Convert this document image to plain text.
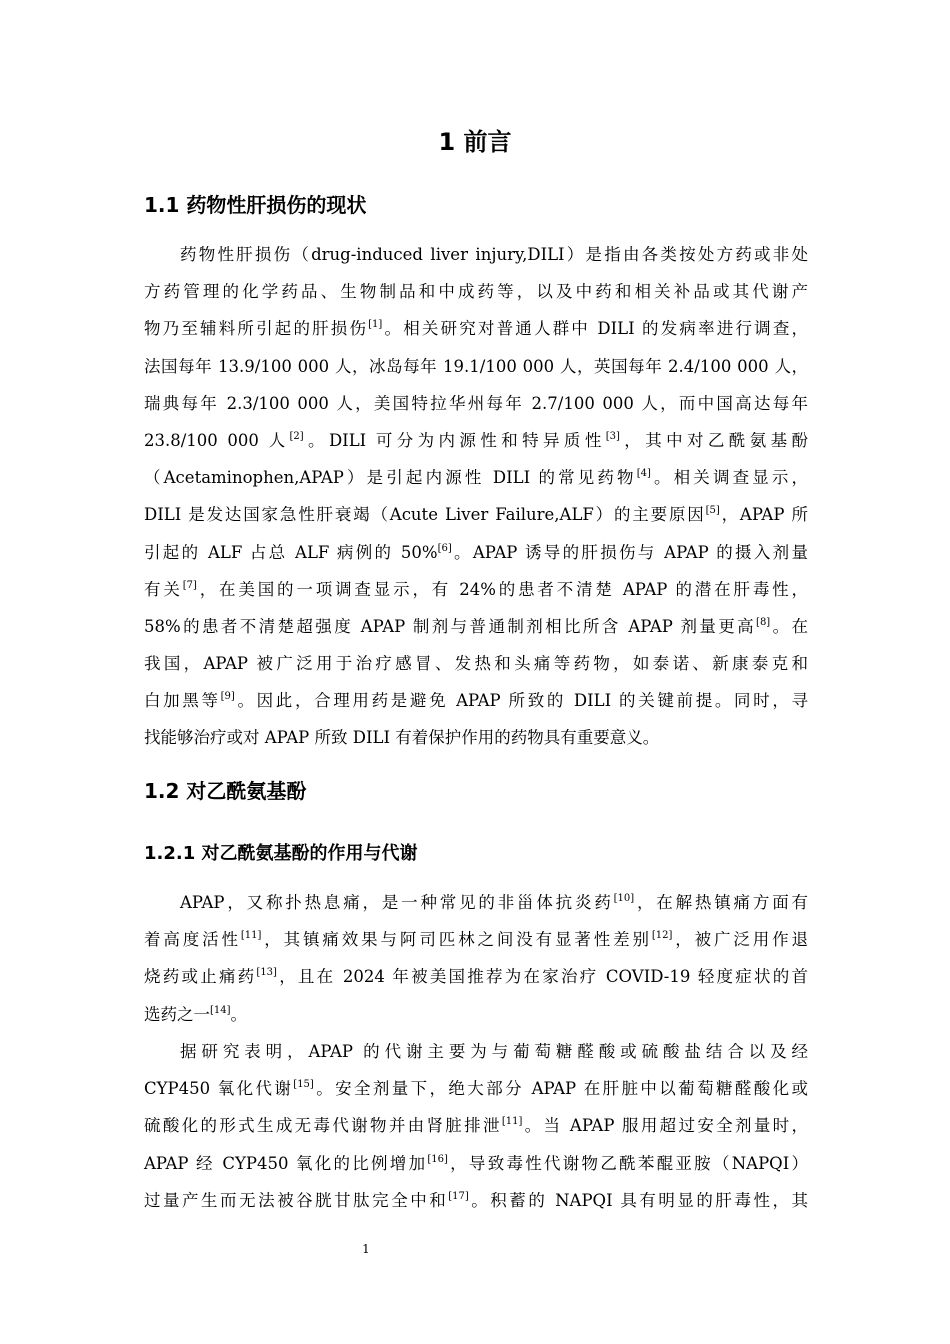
1 前言
1.1 药物性肝损伤的现状
药物性肝损伤（drug-induced liver injury,DILI）是指由各类按处方药或非处
方药管理的化学药品、生物制品和中成药等，以及中药和相关补品或其代谢产
物乃至辅料所引起的肝损伤[1]。相关研究对普通人群中 DILI 的发病率进行调查，
法国每年 13.9/100 000 人，冰岛每年 19.1/100 000 人，英国每年 2.4/100 000 人，
瑞典每年 2.3/100 000 人，美国特拉华州每年 2.7/100 000 人，而中国高达每年
23.8/100 000 人[2]。DILI 可分为内源性和特异质性[3]，其中对乙酰氨基酚
（Acetaminophen,APAP）是引起内源性 DILI 的常见药物[4]。相关调查显示，
DILI 是发达国家急性肝衰竭（Acute Liver Failure,ALF）的主要原因[5]，APAP 所
引起的 ALF 占总 ALF 病例的 50%[6]。APAP 诱导的肝损伤与 APAP 的摄入剂量
有关[7]，在美国的一项调查显示，有 24%的患者不清楚 APAP 的潜在肝毒性，
58%的患者不清楚超强度 APAP 制剂与普通制剂相比所含 APAP 剂量更高[8]。在
我国，APAP 被广泛用于治疗感冒、发热和头痛等药物，如泰诺、新康泰克和
白加黑等[9]。因此，合理用药是避免 APAP 所致的 DILI 的关键前提。同时，寻
找能够治疗或对 APAP 所致 DILI 有着保护作用的药物具有重要意义。
1.2 对乙酰氨基酚
1.2.1 对乙酰氨基酚的作用与代谢
APAP，又称扑热息痛，是一种常见的非甾体抗炎药[10]，在解热镇痛方面有
着高度活性[11]，其镇痛效果与阿司匹林之间没有显著性差别[12]，被广泛用作退
烧药或止痛药[13]，且在 2024 年被美国推荐为在家治疗 COVID-19 轻度症状的首
选药之一[14]。
据研究表明，APAP 的代谢主要为与葡萄糖醛酸或硫酸盐结合以及经
CYP450 氧化代谢[15]。安全剂量下，绝大部分 APAP 在肝脏中以葡萄糖醛酸化或
硫酸化的形式生成无毒代谢物并由肾脏排泄[11]。当 APAP 服用超过安全剂量时，
APAP 经 CYP450 氧化的比例增加[16]，导致毒性代谢物乙酰苯醌亚胺（NAPQI）
过量产生而无法被谷胱甘肽完全中和[17]。积蓄的 NAPQI 具有明显的肝毒性，其
1
